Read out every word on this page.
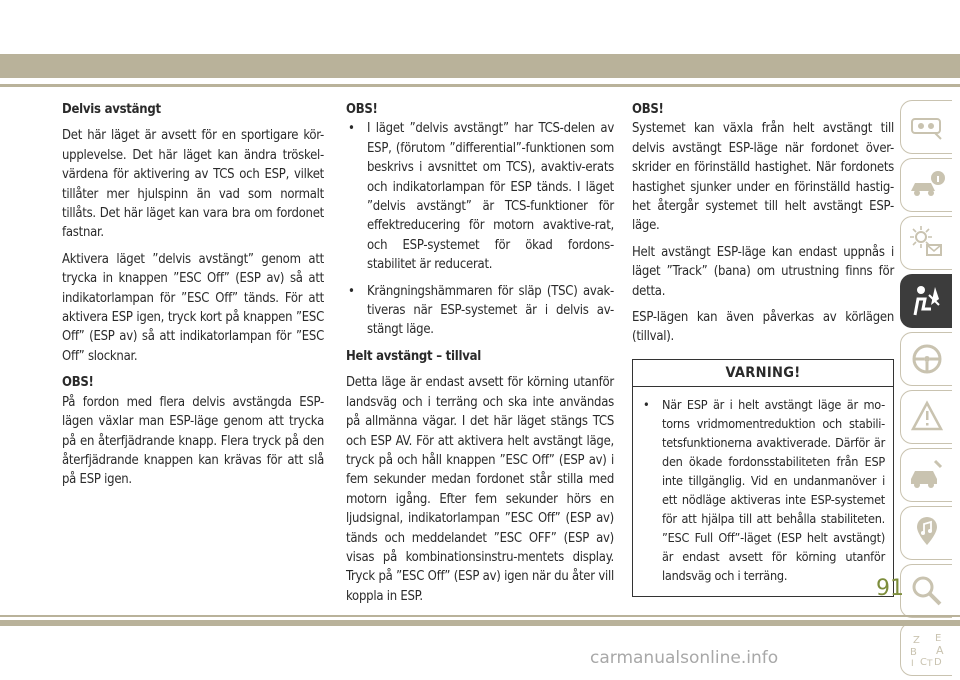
Delvis avstängt

Det här läget är avsett för en sportigare kör-upplevelse. Det här läget kan ändra tröskel-värdena för aktivering av TCS och ESP, vilket tillåter mer hjulspinn än vad som normalt tillåts. Det här läget kan vara bra om fordonet fastnar.

Aktivera läget ”delvis avstängt” genom att trycka in knappen ”ESC Off” (ESP av) så att indikatorlampan för ”ESC Off” tänds. För att aktivera ESP igen, tryck kort på knappen ”ESC Off” (ESP av) så att indikatorlampan för ”ESC Off” slocknar.

OBS!

På fordon med flera delvis avstängda ESP-lägen växlar man ESP-läge genom att trycka på en återfjädrande knapp. Flera tryck på den återfjädrande knappen kan krävas för att slå på ESP igen.

OBS!

• I läget ”delvis avstängt” har TCS-delen av ESP, (förutom ”differential”-funktionen som beskrivs i avsnittet om TCS), avaktiv-erats och indikatorlampan för ESP tänds. I läget ”delvis avstängt” är TCS-funktioner för effektreducering för motorn avaktive-rat, och ESP-systemet för ökad fordons-stabilitet är reducerat.

• Krängningshämmaren för släp (TSC) avak-tiveras när ESP-systemet är i delvis av-stängt läge.

Helt avstängt – tillval

Detta läge är endast avsett för körning utanför landsväg och i terräng och ska inte användas på allmänna vägar. I det här läget stängs TCS och ESP AV. För att aktivera helt avstängt läge, tryck på och håll knappen ”ESC Off” (ESP av) i fem sekunder medan fordonet står stilla med motorn igång. Efter fem sekunder hörs en ljudsignal, indikatorlampan ”ESC Off” (ESP av) tänds och meddelandet ”ESC OFF” (ESP av) visas på kombinationsinstru-mentets display. Tryck på ”ESC Off” (ESP av) igen när du åter vill koppla in ESP.

OBS!

Systemet kan växla från helt avstängt till delvis avstängt ESP-läge när fordonet över-skrider en förinställd hastighet. När fordonets hastighet sjunker under en förinställd hastig-het återgår systemet till helt avstängt ESP-läge.

Helt avstängt ESP-läge kan endast uppnås i läget ”Track” (bana) om utrustning finns för detta.

ESP-lägen kan även påverkas av körlägen (tillval).

VARNING!

• När ESP är i helt avstängt läge är mo-torns vridmomentreduktion och stabili-tetsfunktionerna avaktiverade. Därför är den ökade fordonsstabiliteten från ESP inte tillgänglig. Vid en undanmanöver i ett nödläge aktiveras inte ESP-systemet för att hjälpa till att behålla stabiliteten. ”ESC Full Off”-läget (ESP helt avstängt) är endast avsett för körning utanför landsväg och i terräng.

Z E
B A
C D
I T
91
carmanualsonline.info
